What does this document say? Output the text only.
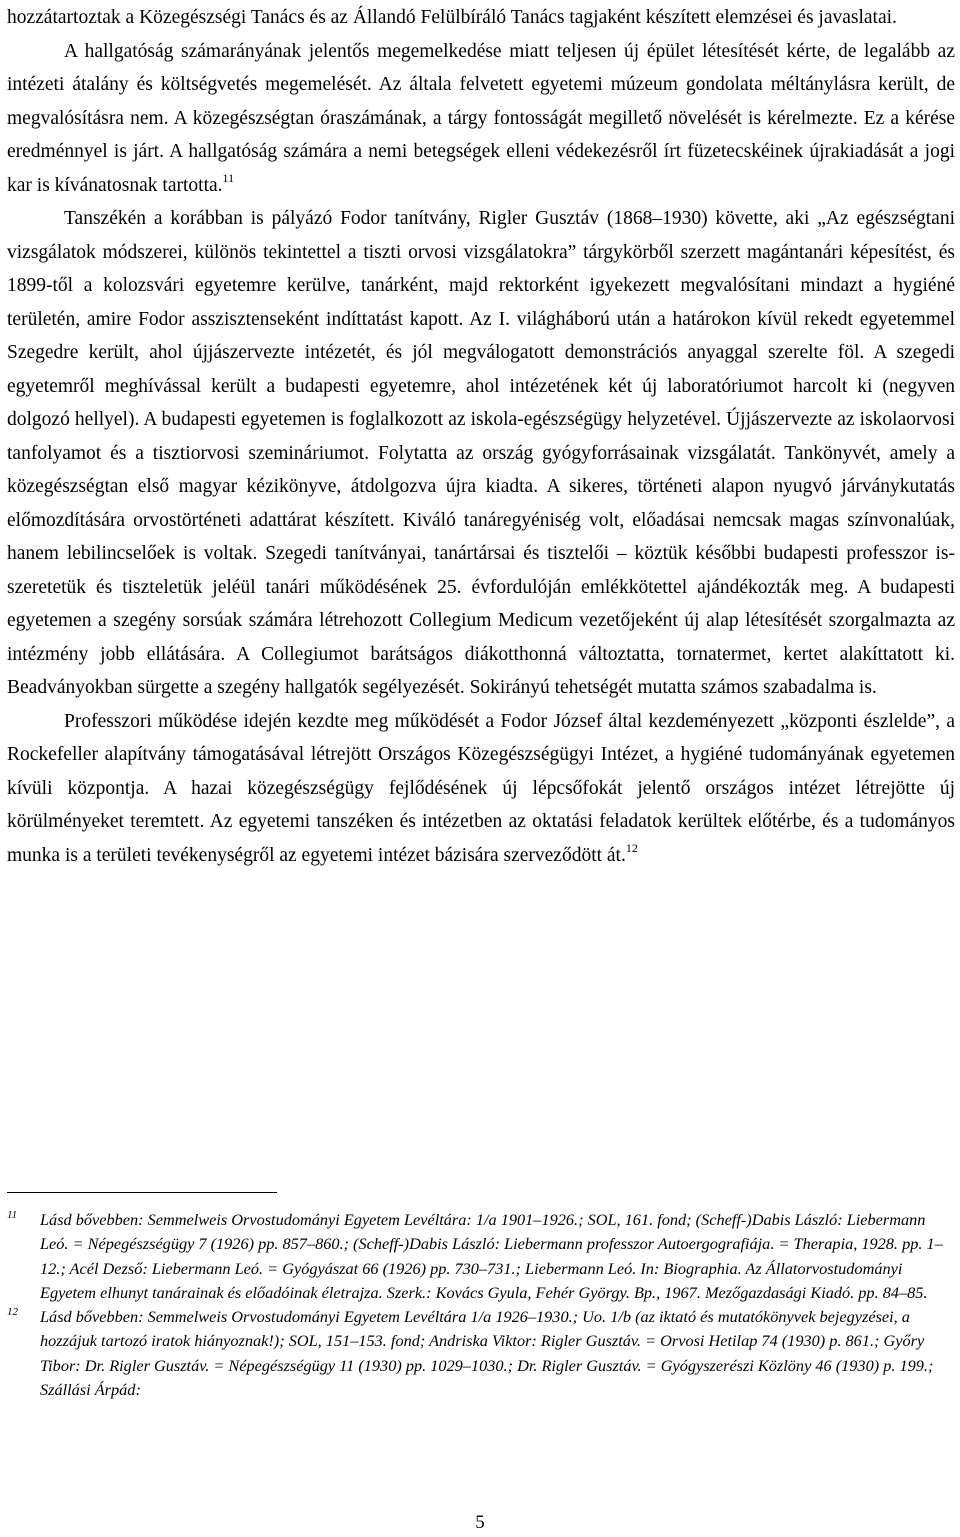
hozzátartoztak a Közegészségi Tanács és az Állandó Felülbíráló Tanács tagjaként készített elemzései és javaslatai.

A hallgatóság számarányának jelentős megemelkedése miatt teljesen új épület létesítését kérte, de legalább az intézeti átalány és költségvetés megemelését. Az általa felvetett egyetemi múzeum gondolata méltánylásra került, de megvalósításra nem. A közegészségtan óraszámának, a tárgy fontosságát megillető növelését is kérelmezte. Ez a kérése eredménnyel is járt. A hallgatóság számára a nemi betegségek elleni védekezésről írt füzetecskéinek újrakiadását a jogi kar is kívánatosnak tartotta.$^{11}$

Tanszékén a korábban is pályázó Fodor tanítvány, Rigler Gusztáv (1868–1930) követte, aki „Az egészségtani vizsgálatok módszerei, különös tekintettel a tiszti orvosi vizsgálatokra” tárgykörből szerzett magántanári képesítést, és 1899-től a kolozsvári egyetemre kerülve, tanárként, majd rektorként igyekezett megvalósítani mindazt a hygiéné területén, amire Fodor asszisztenseként indíttatást kapott. Az I. világháború után a határokon kívül rekedt egyetemmel Szegedre került, ahol újjászervezte intézetét, és jól megválogatott demonstrációs anyaggal szerelte föl. A szegedi egyetemről meghívással került a budapesti egyetemre, ahol intézetének két új laboratóriumot harcolt ki (negyven dolgozó hellyel). A budapesti egyetemen is foglalkozott az iskola-egészségügy helyzetével. Újjászervezte az iskolaorvosi tanfolyamot és a tisztiorvosi szemináriumot. Folytatta az ország gyógyforrásainak vizsgálatát. Tankönyvét, amely a közegészségtan első magyar kézikönyve, átdolgozva újra kiadta. A sikeres, történeti alapon nyugvó járványkutatás előmozdítására orvostörténeti adattárat készített. Kiváló tanáregyéniség volt, előadásai nemcsak magas színvonalúak, hanem lebilincselőek is voltak. Szegedi tanítványai, tanártársai és tisztelői – köztük későbbi budapesti professzor is- szeretetük és tiszteletük jeléül tanári működésének 25. évfordulóján emlékkötettel ajándékozták meg. A budapesti egyetemen a szegény sorsúak számára létrehozott Collegium Medicum vezetőjeként új alap létesítését szorgalmazta az intézmény jobb ellátására. A Collegiumot barátságos diákotthonná változtatta, tornatermet, kertet alakíttatott ki. Beadványokban sürgette a szegény hallgatók segélyezését. Sokirányú tehetségét mutatta számos szabadalma is.

Professzori működése idején kezdte meg működését a Fodor József által kezdeményezett „központi észlelde”, a Rockefeller alapítvány támogatásával létrejött Országos Közegészségügyi Intézet, a hygiéné tudományának egyetemen kívüli központja. A hazai közegészségügy fejlődésének új lépcsőfokát jelentő országos intézet létrejötte új körülményeket teremtett. Az egyetemi tanszéken és intézetben az oktatási feladatok kerültek előtérbe, és a tudományos munka is a területi tevékenységről az egyetemi intézet bázisára szerveződött át.$^{12}$

$^{11}$ Lásd bővebben: Semmelweis Orvostudományi Egyetem Levéltára: 1/a 1901–1926.; SOL, 161. fond; (Scheff-)Dabis László: Liebermann Leó. = Népegészségügy 7 (1926) pp. 857–860.; (Scheff-)Dabis László: Liebermann professzor Autoergografiája. = Therapia, 1928. pp. 1–12.; Acél Dezső: Liebermann Leó. = Gyógyászat 66 (1926) pp. 730–731.; Liebermann Leó. In: Biographia. Az Állatorvostudományi Egyetem elhunyt tanárainak és előadóinak életrajza. Szerk.: Kovács Gyula, Fehér György. Bp., 1967. Mezőgazdasági Kiadó. pp. 84–85.

$^{12}$ Lásd bővebben: Semmelweis Orvostudományi Egyetem Levéltára 1/a 1926–1930.; Uo. 1/b (az iktató és mutatókönyvek bejegyzései, a hozzájuk tartozó iratok hiányoznak!); SOL, 151–153. fond; Andriska Viktor: Rigler Gusztáv. = Orvosi Hetilap 74 (1930) p. 861.; Győry Tibor: Dr. Rigler Gusztáv. = Népegészségügy 11 (1930) pp. 1029–1030.; Dr. Rigler Gusztáv. = Gyógyszerészi Közlöny 46 (1930) p. 199.; Szállási Árpád:

5
